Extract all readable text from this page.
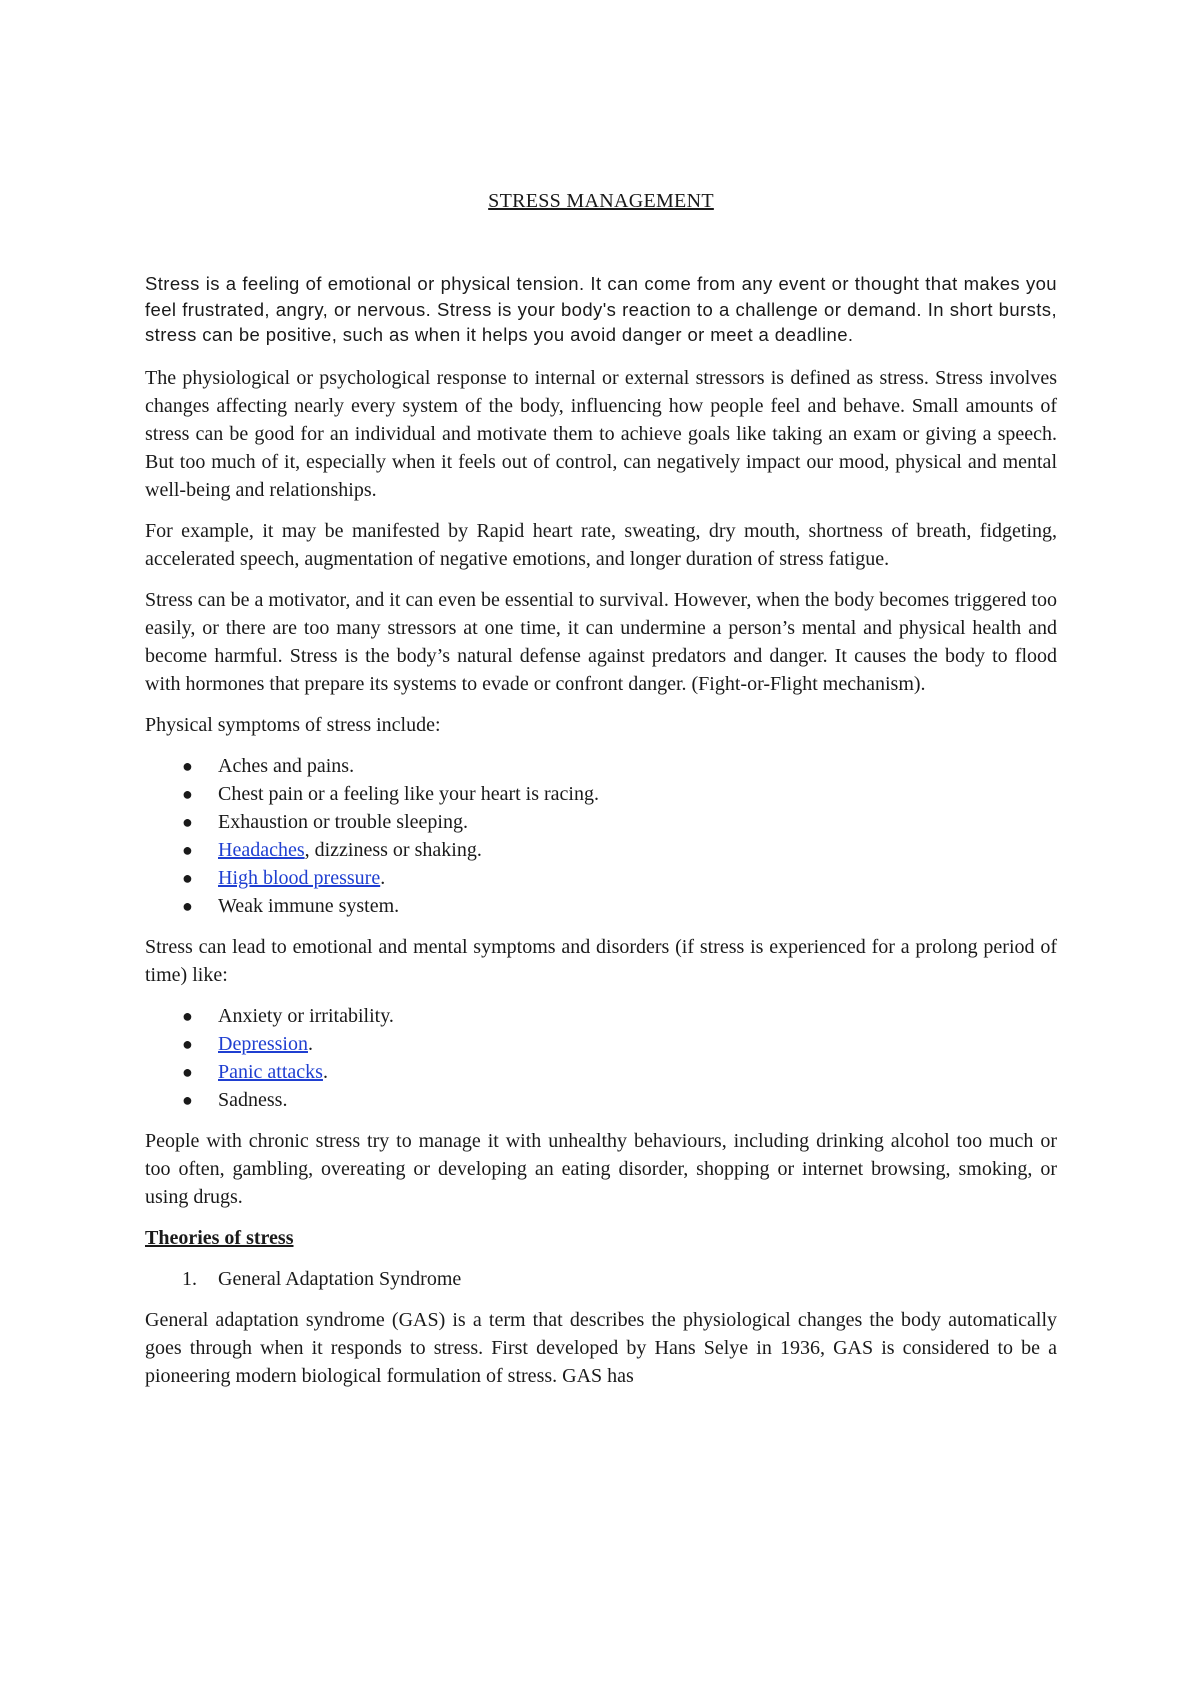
STRESS MANAGEMENT

Stress is a feeling of emotional or physical tension. It can come from any event or thought that makes you feel frustrated, angry, or nervous. Stress is your body's reaction to a challenge or demand. In short bursts, stress can be positive, such as when it helps you avoid danger or meet a deadline.

The physiological or psychological response to internal or external stressors is defined as stress. Stress involves changes affecting nearly every system of the body, influencing how people feel and behave. Small amounts of stress can be good for an individual and motivate them to achieve goals like taking an exam or giving a speech. But too much of it, especially when it feels out of control, can negatively impact our mood, physical and mental well-being and relationships.

For example, it may be manifested by Rapid heart rate, sweating, dry mouth, shortness of breath, fidgeting, accelerated speech, augmentation of negative emotions, and longer duration of stress fatigue.

Stress can be a motivator, and it can even be essential to survival. However, when the body becomes triggered too easily, or there are too many stressors at one time, it can undermine a person’s mental and physical health and become harmful. Stress is the body’s natural defense against predators and danger. It causes the body to flood with hormones that prepare its systems to evade or confront danger. (Fight-or-Flight mechanism).

Physical symptoms of stress include:

● Aches and pains.
● Chest pain or a feeling like your heart is racing.
● Exhaustion or trouble sleeping.
● Headaches, dizziness or shaking.
● High blood pressure.
● Weak immune system.

Stress can lead to emotional and mental symptoms and disorders (if stress is experienced for a prolong period of time) like:

● Anxiety or irritability.
● Depression.
● Panic attacks.
● Sadness.

People with chronic stress try to manage it with unhealthy behaviours, including drinking alcohol too much or too often, gambling, overeating or developing an eating disorder, shopping or internet browsing, smoking, or using drugs.

Theories of stress
1. General Adaptation Syndrome

General adaptation syndrome (GAS) is a term that describes the physiological changes the body automatically goes through when it responds to stress. First developed by Hans Selye in 1936, GAS is considered to be a pioneering modern biological formulation of stress. GAS has
